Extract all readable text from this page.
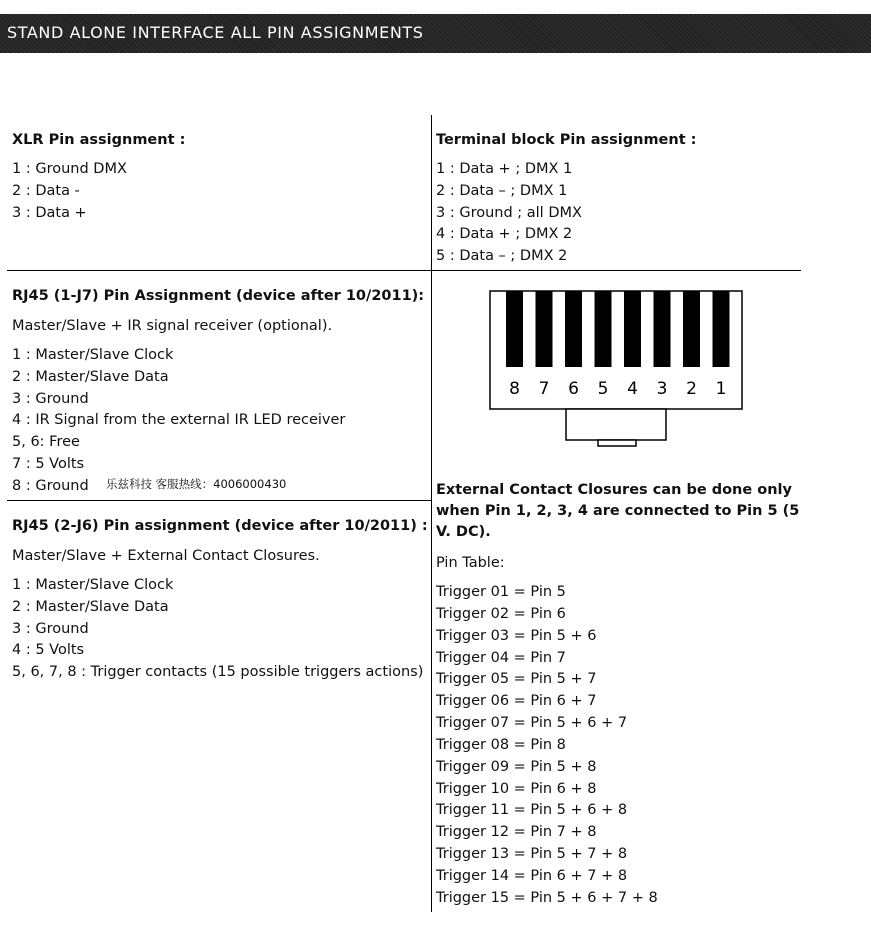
STAND ALONE INTERFACE ALL PIN ASSIGNMENTS
XLR Pin assignment :
1 : Ground DMX
2 : Data -
3 : Data +
Terminal block Pin assignment :
1 : Data + ; DMX 1
2 : Data – ; DMX 1
3 : Ground ; all DMX
4 : Data + ; DMX 2
5 : Data – ; DMX 2
RJ45 (1-J7) Pin Assignment (device after 10/2011):
Master/Slave + IR signal receiver (optional).
1 : Master/Slave Clock
2 : Master/Slave Data
3 : Ground
4 : IR Signal from the external IR LED receiver
5, 6: Free
7 : 5 Volts
8 : Ground	乐兹科技 客服热线：4006000430
8 7 6 5 4 3 2 1
RJ45 (2-J6) Pin assignment (device after 10/2011) :
Master/Slave + External Contact Closures.
1 : Master/Slave Clock
2 : Master/Slave Data
3 : Ground
4 : 5 Volts
5, 6, 7, 8 : Trigger contacts (15 possible triggers actions)
External Contact Closures can be done only when Pin 1, 2, 3, 4 are connected to Pin 5 (5 V. DC).
Pin Table:
Trigger 01 = Pin 5
Trigger 02 = Pin 6
Trigger 03 = Pin 5 + 6
Trigger 04 = Pin 7
Trigger 05 = Pin 5 + 7
Trigger 06 = Pin 6 + 7
Trigger 07 = Pin 5 + 6 + 7
Trigger 08 = Pin 8
Trigger 09 = Pin 5 + 8
Trigger 10 = Pin 6 + 8
Trigger 11 = Pin 5 + 6 + 8
Trigger 12 = Pin 7 + 8
Trigger 13 = Pin 5 + 7 + 8
Trigger 14 = Pin 6 + 7 + 8
Trigger 15 = Pin 5 + 6 + 7 + 8
